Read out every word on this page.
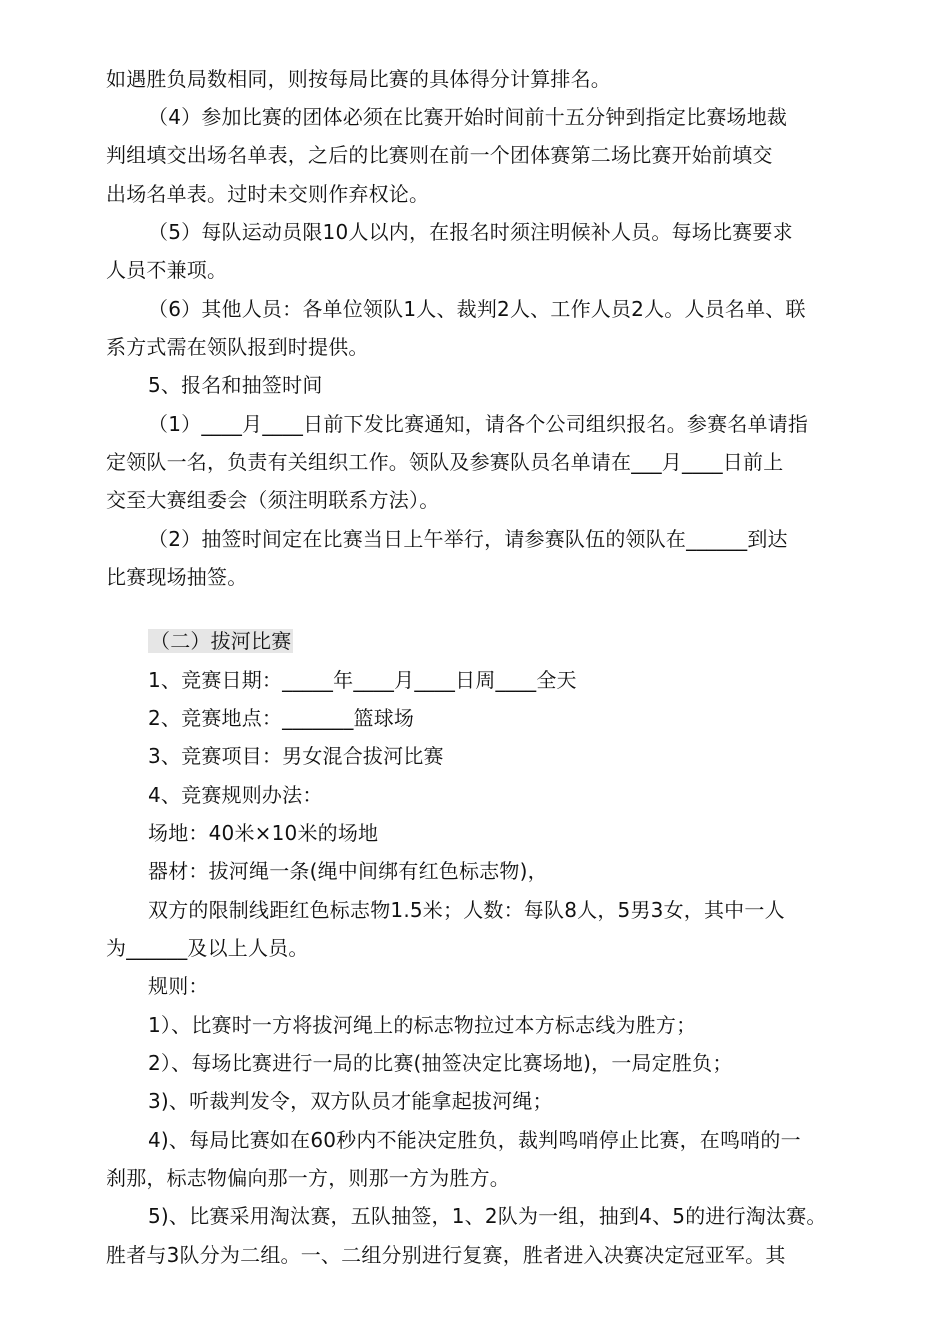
如遇胜负局数相同，则按每局比赛的具体得分计算排名。
（4）参加比赛的团体必须在比赛开始时间前十五分钟到指定比赛场地裁
判组填交出场名单表，之后的比赛则在前一个团体赛第二场比赛开始前填交
出场名单表。过时未交则作弃权论。
（5）每队运动员限10人以内，在报名时须注明候补人员。每场比赛要求
人员不兼项。
（6）其他人员：各单位领队1人、裁判2人、工作人员2人。人员名单、联
系方式需在领队报到时提供。
5、报名和抽签时间
（1）____月____日前下发比赛通知，请各个公司组织报名。参赛名单请指
定领队一名，负责有关组织工作。领队及参赛队员名单请在___月____日前上
交至大赛组委会（须注明联系方法）。
（2）抽签时间定在比赛当日上午举行，请参赛队伍的领队在______到达
比赛现场抽签。
（二）拔河比赛
1、竞赛日期：_____年____月____日周____全天
2、竞赛地点：_______篮球场
3、竞赛项目：男女混合拔河比赛
4、竞赛规则办法：
场地：40米×10米的场地
器材：拔河绳一条(绳中间绑有红色标志物)，
双方的限制线距红色标志物1.5米；人数：每队8人，5男3女，其中一人
为______及以上人员。
规则：
1）、比赛时一方将拔河绳上的标志物拉过本方标志线为胜方；
2）、每场比赛进行一局的比赛(抽签决定比赛场地)，一局定胜负；
3)、听裁判发令，双方队员才能拿起拔河绳；
4)、每局比赛如在60秒内不能决定胜负，裁判鸣哨停止比赛，在鸣哨的一
刹那，标志物偏向那一方，则那一方为胜方。
5)、比赛采用淘汰赛，五队抽签，1、2队为一组，抽到4、5的进行淘汰赛。
胜者与3队分为二组。一、二组分别进行复赛，胜者进入决赛决定冠亚军。其
